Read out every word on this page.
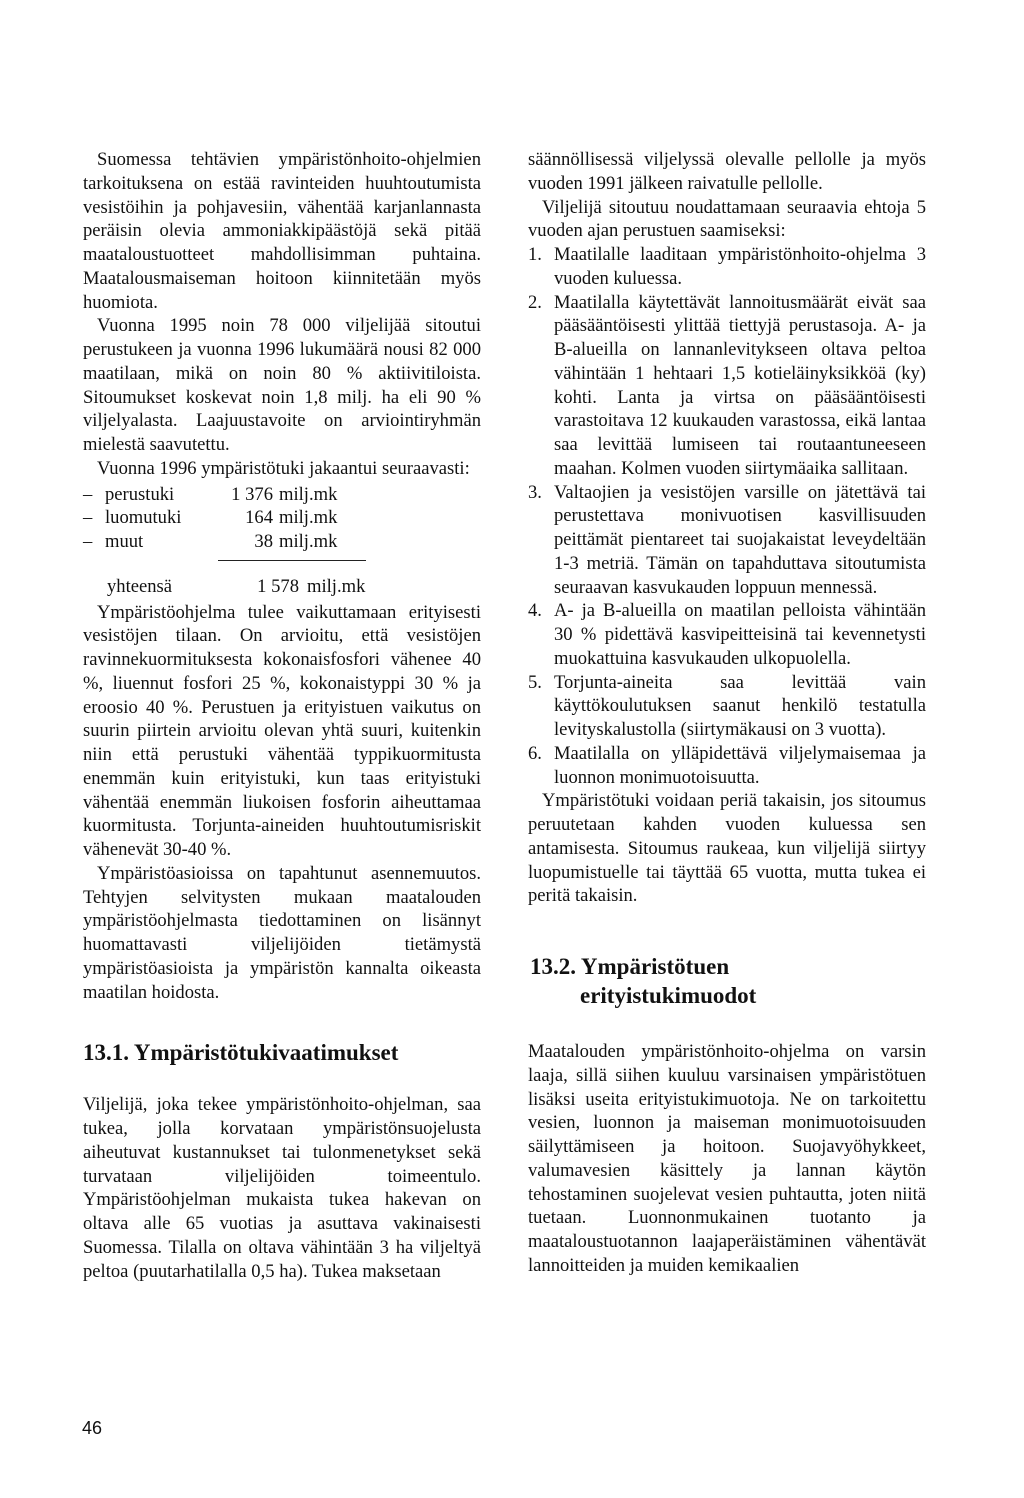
Suomessa tehtävien ympäristönhoito-ohjelmien tarkoituksena on estää ravinteiden huuhtoutumista vesistöihin ja pohjavesiin, vähentää karjanlannasta peräisin olevia ammoniakkipäästöjä sekä pitää maataloustuotteet mahdollisimman puhtaina. Maatalousmaiseman hoitoon kiinnitetään myös huomiota.

Vuonna 1995 noin 78 000 viljelijää sitoutui perustukeen ja vuonna 1996 lukumäärä nousi 82 000 maatilaan, mikä on noin 80 % aktiivitiloista. Sitoumukset koskevat noin 1,8 milj. ha eli 90 % viljelyalasta. Laajuustavoite on arviointiryhmän mielestä saavutettu.

Vuonna 1996 ympäristötuki jakaantui seuraavasti:

–	perustuki	1 376	milj.mk
–	luomutuki	164	milj.mk
–	muut	38	milj.mk
yhteensä	1 578	milj.mk

Ympäristöohjelma tulee vaikuttamaan erityisesti vesistöjen tilaan. On arvioitu, että vesistöjen ravinnekuormituksesta kokonaisfosfori vähenee 40 %, liuennut fosfori 25 %, kokonaistyppi 30 % ja eroosio 40 %. Perustuen ja erityistuen vaikutus on suurin piirtein arvioitu olevan yhtä suuri, kuitenkin niin että perustuki vähentää typpikuormitusta enemmän kuin erityistuki, kun taas erityistuki vähentää enemmän liukoisen fosforin aiheuttamaa kuormitusta. Torjunta-aineiden huuhtoutumisriskit vähenevät 30-40 %.

Ympäristöasioissa on tapahtunut asennemuutos. Tehtyjen selvitysten mukaan maatalouden ympäristöohjelmasta tiedottaminen on lisännyt huomattavasti viljelijöiden tietämystä ympäristöasioista ja ympäristön kannalta oikeasta maatilan hoidosta.

13.1. Ympäristötukivaatimukset

Viljelijä, joka tekee ympäristönhoito-ohjelman, saa tukea, jolla korvataan ympäristönsuojelusta aiheutuvat kustannukset tai tulonmenetykset sekä turvataan viljelijöiden toimeentulo. Ympäristöohjelman mukaista tukea hakevan on oltava alle 65 vuotias ja asuttava vakinaisesti Suomessa. Tilalla on oltava vähintään 3 ha viljeltyä peltoa (puutarhatilalla 0,5 ha). Tukea maksetaan

säännöllisessä viljelyssä olevalle pellolle ja myös vuoden 1991 jälkeen raivatulle pellolle.

Viljelijä sitoutuu noudattamaan seuraavia ehtoja 5 vuoden ajan perustuen saamiseksi:

1. Maatilalle laaditaan ympäristönhoito-ohjelma 3 vuoden kuluessa.
2. Maatilalla käytettävät lannoitusmäärät eivät saa pääsääntöisesti ylittää tiettyjä perustasoja. A- ja B-alueilla on lannanlevitykseen oltava peltoa vähintään 1 hehtaari 1,5 kotieläinyksikköä (ky) kohti. Lanta ja virtsa on pääsääntöisesti varastoitava 12 kuukauden varastossa, eikä lantaa saa levittää lumiseen tai routaantuneeseen maahan. Kolmen vuoden siirtymäaika sallitaan.
3. Valtaojien ja vesistöjen varsille on jätettävä tai perustettava monivuotisen kasvillisuuden peittämät pientareet tai suojakaistat leveydeltään 1-3 metriä. Tämän on tapahduttava sitoutumista seuraavan kasvukauden loppuun mennessä.
4. A- ja B-alueilla on maatilan pelloista vähintään 30 % pidettävä kasvipeitteisinä tai kevennetysti muokattuina kasvukauden ulkopuolella.
5. Torjunta-aineita saa levittää vain käyttökoulutuksen saanut henkilö testatulla levityskalustolla (siirtymäkausi on 3 vuotta).
6. Maatilalla on ylläpidettävä viljelymaisemaa ja luonnon monimuotoisuutta.

Ympäristötuki voidaan periä takaisin, jos sitoumus peruutetaan kahden vuoden kuluessa sen antamisesta. Sitoumus raukeaa, kun viljelijä siirtyy luopumistuelle tai täyttää 65 vuotta, mutta tukea ei peritä takaisin.

13.2. Ympäristötuen
erityistukimuodot

Maatalouden ympäristönhoito-ohjelma on varsin laaja, sillä siihen kuuluu varsinaisen ympäristötuen lisäksi useita erityistukimuotoja. Ne on tarkoitettu vesien, luonnon ja maiseman monimuotoisuuden säilyttämiseen ja hoitoon. Suojavyöhykkeet, valumavesien käsittely ja lannan käytön tehostaminen suojelevat vesien puhtautta, joten niitä tuetaan. Luonnonmukainen tuotanto ja maataloustuotannon laajaperäistäminen vähentävät lannoitteiden ja muiden kemikaalien

46
